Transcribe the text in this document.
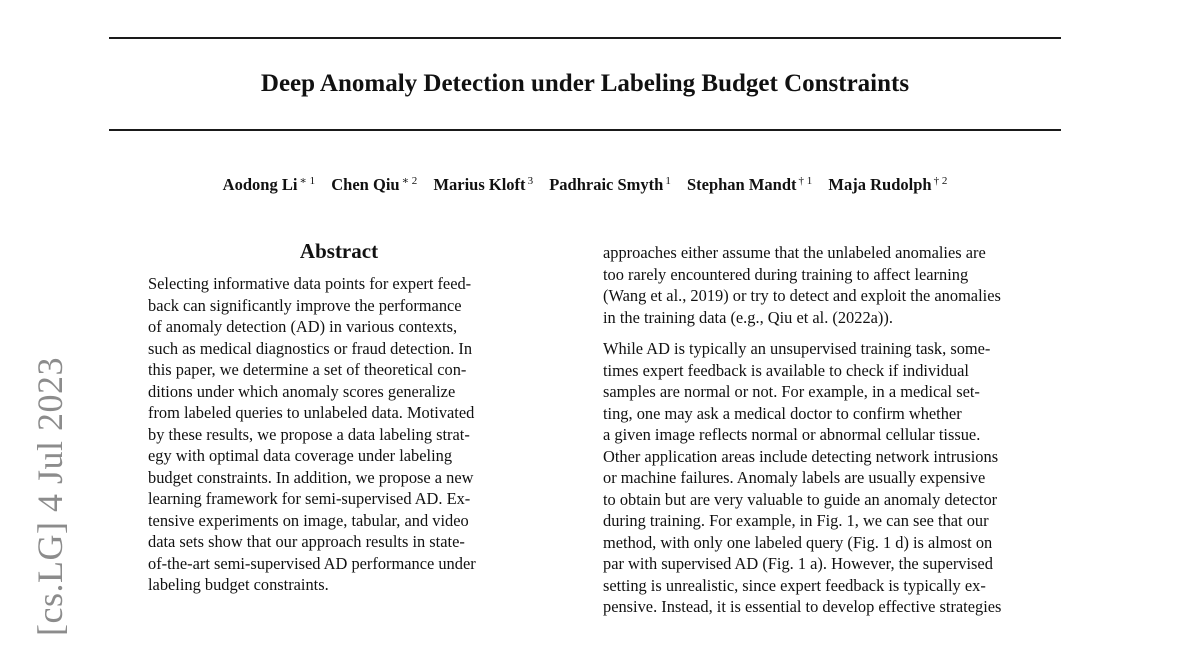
Deep Anomaly Detection under Labeling Budget Constraints
Aodong Li $^{∗ 1}$ Chen Qiu $^{∗ 2}$ Marius Kloft $^3$ Padhraic Smyth $^1$ Stephan Mandt $^{\dagger 1}$ Maja Rudolph $^{\dagger 2}$
[cs.LG] 4 Jul 2023
Abstract
Selecting informative data points for expert feed-
back can significantly improve the performance
of anomaly detection (AD) in various contexts,
such as medical diagnostics or fraud detection. In
this paper, we determine a set of theoretical con-
ditions under which anomaly scores generalize
from labeled queries to unlabeled data. Motivated
by these results, we propose a data labeling strat-
egy with optimal data coverage under labeling
budget constraints. In addition, we propose a new
learning framework for semi-supervised AD. Ex-
tensive experiments on image, tabular, and video
data sets show that our approach results in state-
of-the-art semi-supervised AD performance under
labeling budget constraints.
approaches either assume that the unlabeled anomalies are
too rarely encountered during training to affect learning
(Wang et al., 2019) or try to detect and exploit the anomalies
in the training data (e.g., Qiu et al. (2022a)).
While AD is typically an unsupervised training task, some-
times expert feedback is available to check if individual
samples are normal or not. For example, in a medical set-
ting, one may ask a medical doctor to confirm whether
a given image reflects normal or abnormal cellular tissue.
Other application areas include detecting network intrusions
or machine failures. Anomaly labels are usually expensive
to obtain but are very valuable to guide an anomaly detector
during training. For example, in Fig. 1, we can see that our
method, with only one labeled query (Fig. 1 d) is almost on
par with supervised AD (Fig. 1 a). However, the supervised
setting is unrealistic, since expert feedback is typically ex-
pensive. Instead, it is essential to develop effective strategies
